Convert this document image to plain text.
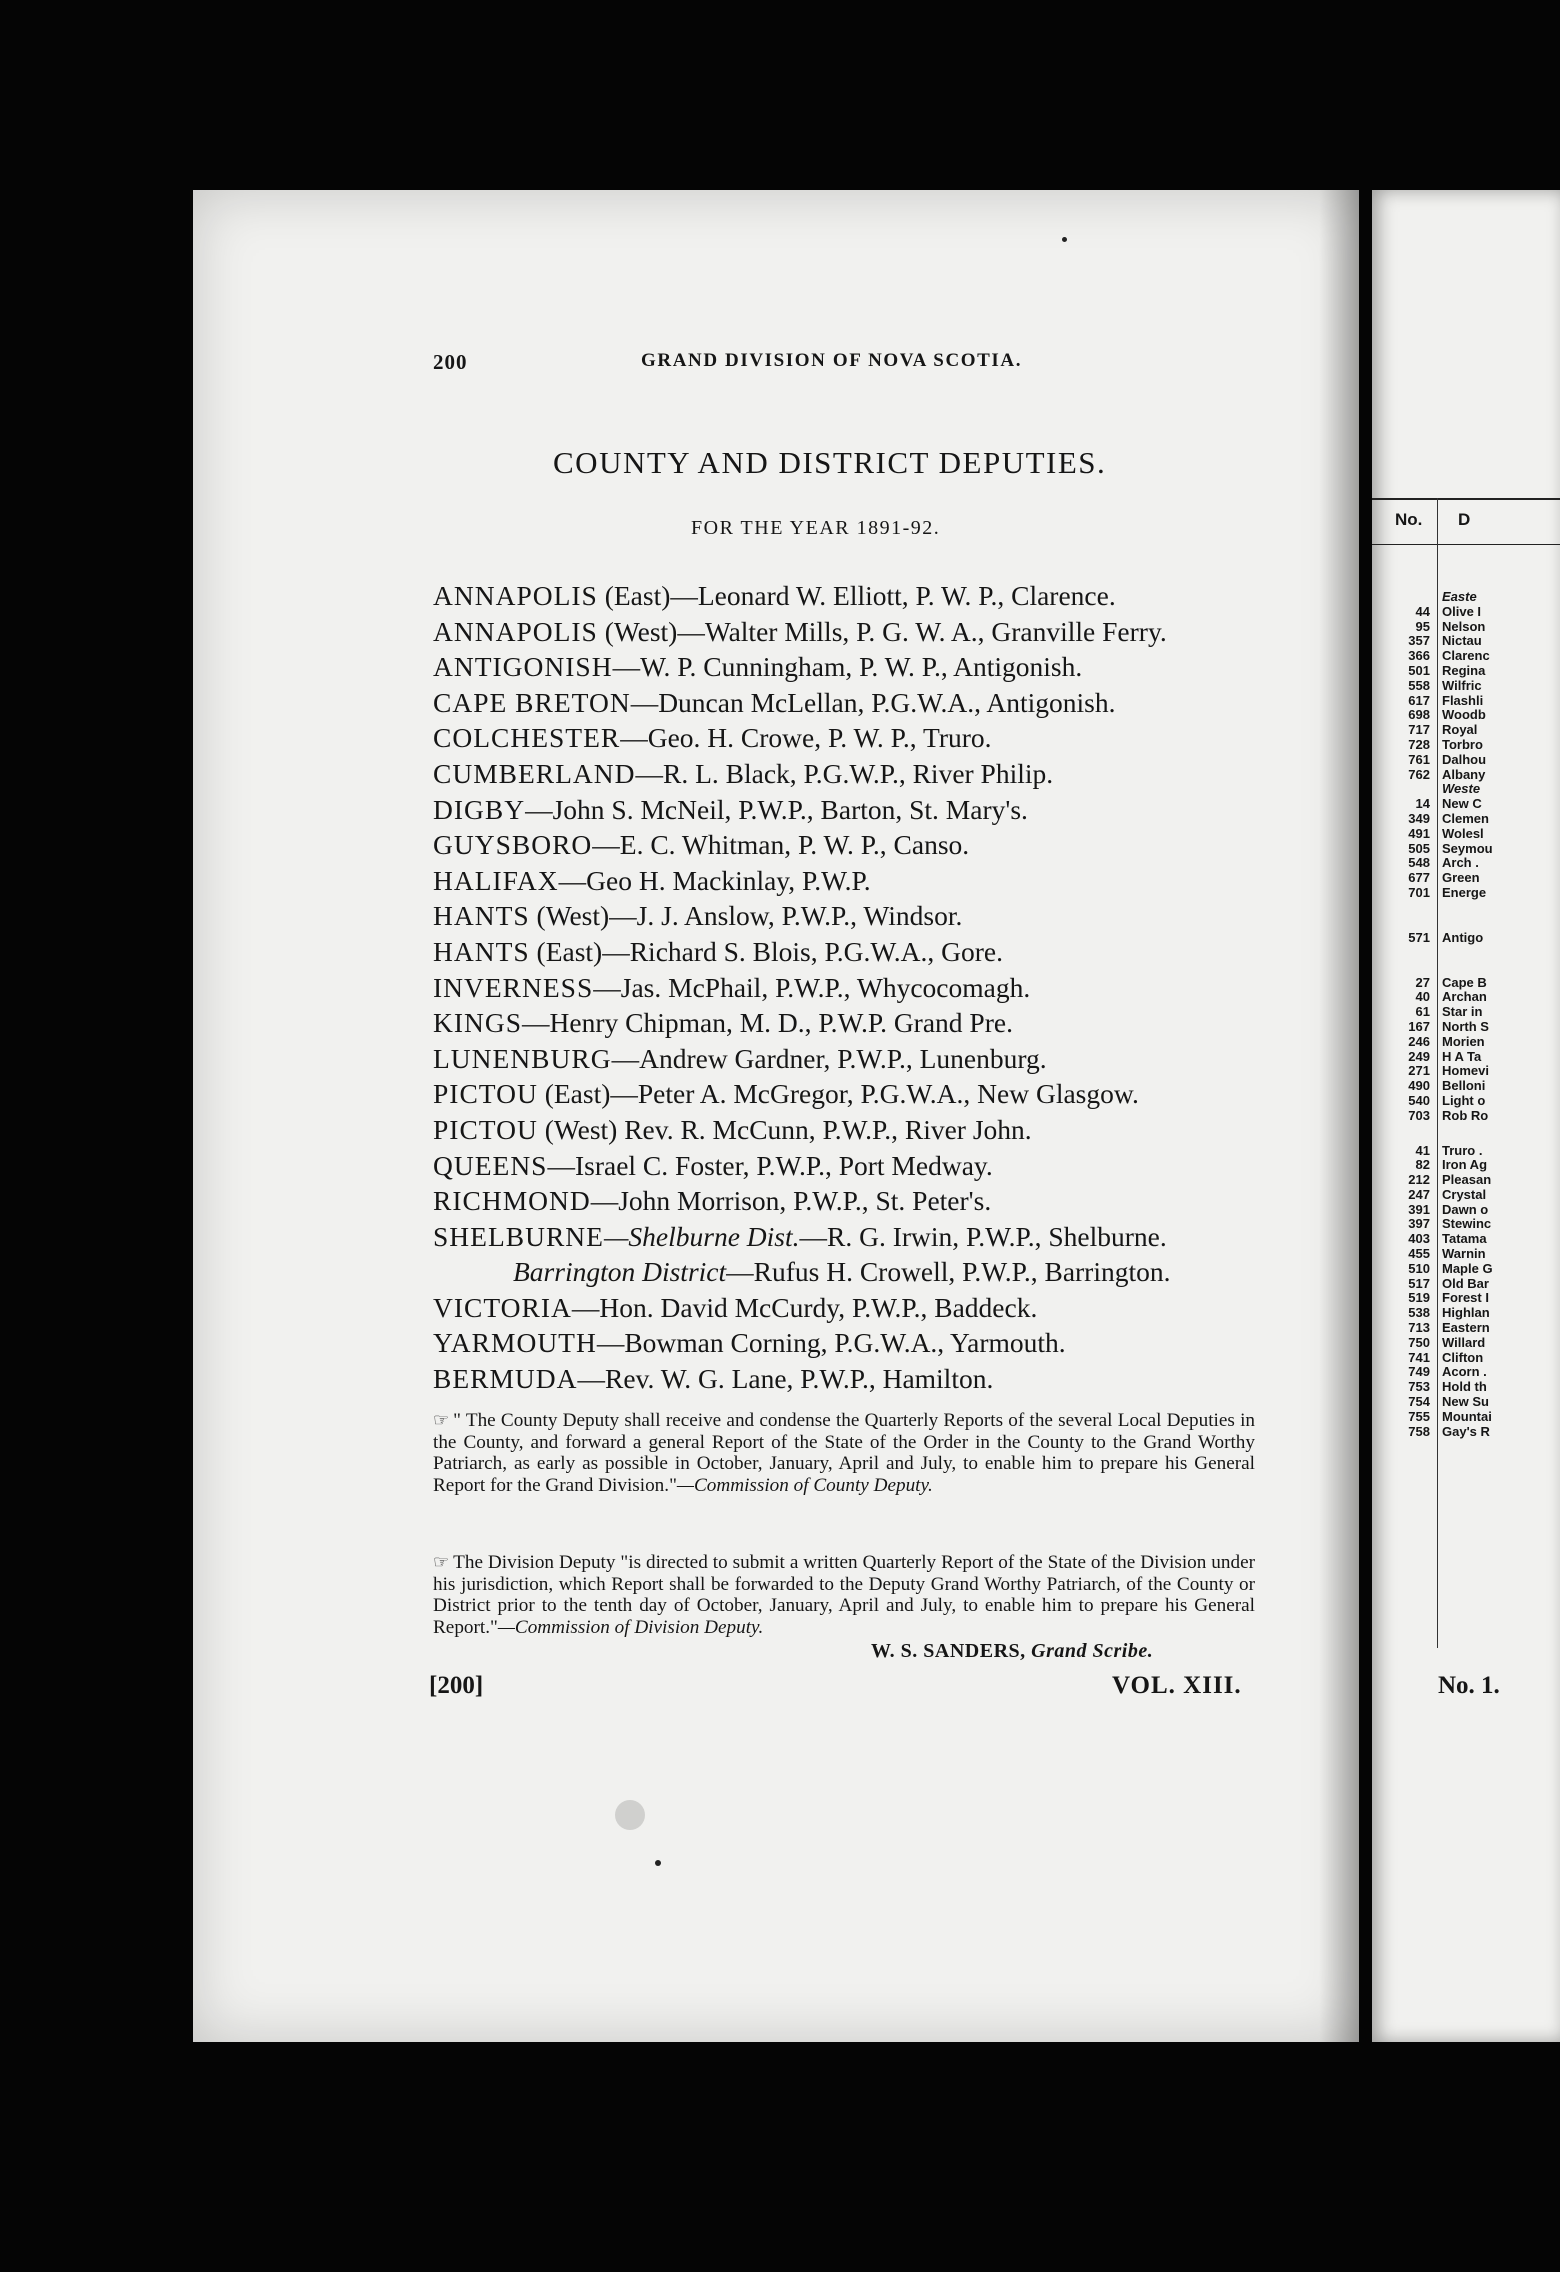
200	GRAND DIVISION OF NOVA SCOTIA.
COUNTY AND DISTRICT DEPUTIES.
FOR THE YEAR 1891-92.
ANNAPOLIS (East)—Leonard W. Elliott, P. W. P., Clarence.
ANNAPOLIS (West)—Walter Mills, P. G. W. A., Granville Ferry.
ANTIGONISH—W. P. Cunningham, P. W. P., Antigonish.
CAPE BRETON—Duncan McLellan, P.G.W.A., Antigonish.
COLCHESTER—Geo. H. Crowe, P. W. P., Truro.
CUMBERLAND—R. L. Black, P.G.W.P., River Philip.
DIGBY—John S. McNeil, P.W.P., Barton, St. Mary's.
GUYSBORO—E. C. Whitman, P. W. P., Canso.
HALIFAX—Geo H. Mackinlay, P.W.P.
HANTS (West)—J. J. Anslow, P.W.P., Windsor.
HANTS (East)—Richard S. Blois, P.G.W.A., Gore.
INVERNESS—Jas. McPhail, P.W.P., Whycocomagh.
KINGS—Henry Chipman, M. D., P.W.P. Grand Pre.
LUNENBURG—Andrew Gardner, P.W.P., Lunenburg.
PICTOU (East)—Peter A. McGregor, P.G.W.A., New Glasgow.
PICTOU (West) Rev. R. McCunn, P.W.P., River John.
QUEENS—Israel C. Foster, P.W.P., Port Medway.
RICHMOND—John Morrison, P.W.P., St. Peter's.
SHELBURNE—Shelburne Dist.—R. G. Irwin, P.W.P., Shelburne.
Barrington District—Rufus H. Crowell, P.W.P., Barrington.
VICTORIA—Hon. David McCurdy, P.W.P., Baddeck.
YARMOUTH—Bowman Corning, P.G.W.A., Yarmouth.
BERMUDA—Rev. W. G. Lane, P.W.P., Hamilton.

☞ " The County Deputy shall receive and condense the Quarterly Reports of the several Local Deputies in the County, and forward a general Report of the State of the Order in the County to the Grand Worthy Patriarch, as early as possible in October, January, April and July, to enable him to prepare his General Report for the Grand Division."—Commission of County Deputy.

☞ The Division Deputy "is directed to submit a written Quarterly Report of the State of the Division under his jurisdiction, which Report shall be forwarded to the Deputy Grand Worthy Patriarch, of the County or District prior to the tenth day of October, January, April and July, to enable him to prepare his General Report."—Commission of Division Deputy.

W. S. SANDERS, Grand Scribe.
[200]	VOL. XIII.
No. D
Easte
44 Olive I
95 Nelson
357 Nictau
366 Clarenc
501 Regina
558 Wilfric
617 Flashli
698 Woodb
717 Royal
728 Torbro
761 Dalhou
762 Albany
Weste
14 New C
349 Clemen
491 Wolesl
505 Seymou
548 Arch .
677 Green
701 Energe
571 Antigo
27 Cape B
40 Archan
61 Star in
167 North S
246 Morien
249 H A Ta
271 Homevi
490 Belloni
540 Light o
703 Rob Ro
41 Truro .
82 Iron Ag
212 Pleasan
247 Crystal
391 Dawn o
397 Stewinc
403 Tatama
455 Warnin
510 Maple G
517 Old Bar
519 Forest I
538 Highlan
713 Eastern
750 Willard
741 Clifton
749 Acorn .
753 Hold th
754 New Su
755 Mountai
758 Gay's R
No. 1.
